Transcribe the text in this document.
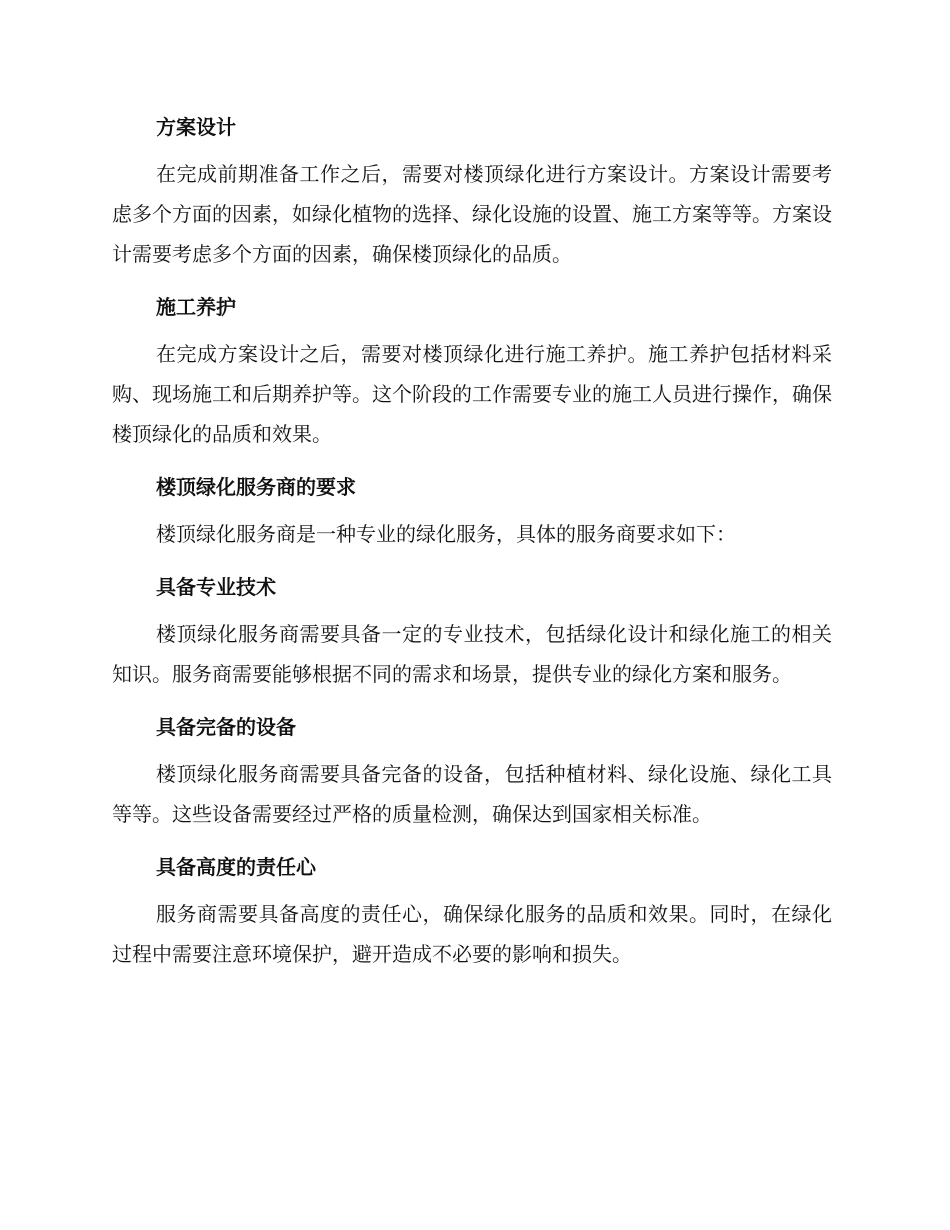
方案设计

在完成前期准备工作之后，需要对楼顶绿化进行方案设计。方案设计需要考虑多个方面的因素，如绿化植物的选择、绿化设施的设置、施工方案等等。方案设计需要考虑多个方面的因素，确保楼顶绿化的品质。

施工养护

在完成方案设计之后，需要对楼顶绿化进行施工养护。施工养护包括材料采购、现场施工和后期养护等。这个阶段的工作需要专业的施工人员进行操作，确保楼顶绿化的品质和效果。

楼顶绿化服务商的要求

楼顶绿化服务商是一种专业的绿化服务，具体的服务商要求如下：

具备专业技术

楼顶绿化服务商需要具备一定的专业技术，包括绿化设计和绿化施工的相关知识。服务商需要能够根据不同的需求和场景，提供专业的绿化方案和服务。

具备完备的设备

楼顶绿化服务商需要具备完备的设备，包括种植材料、绿化设施、绿化工具等等。这些设备需要经过严格的质量检测，确保达到国家相关标准。

具备高度的责任心

服务商需要具备高度的责任心，确保绿化服务的品质和效果。同时，在绿化过程中需要注意环境保护，避开造成不必要的影响和损失。
